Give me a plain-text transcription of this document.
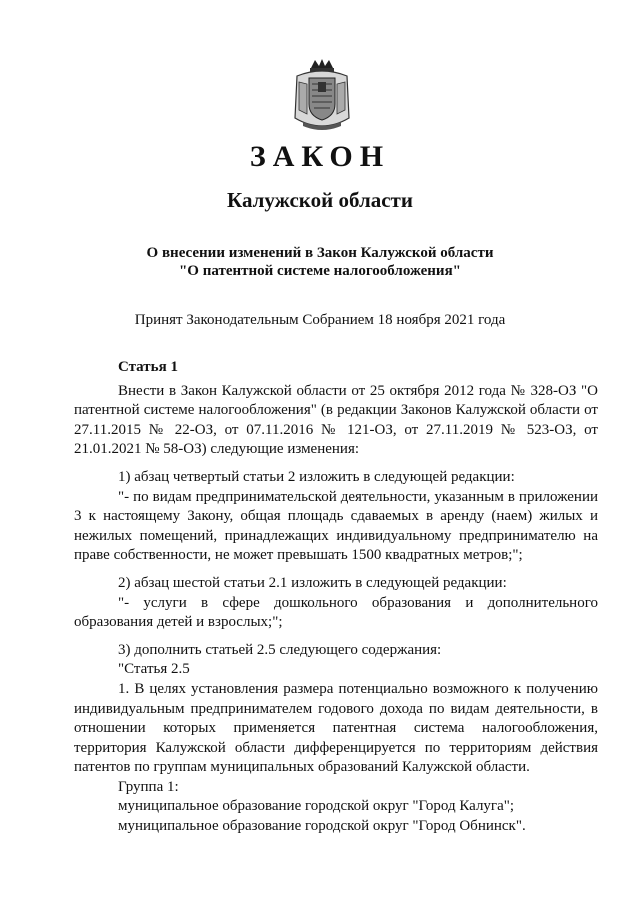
ЗАКОН
Калужской области
О внесении изменений в Закон Калужской области
"О патентной системе налогообложения"
Принят Законодательным Собранием 18 ноября 2021 года

Статья 1

Внести в Закон Калужской области от 25 октября 2012 года № 328-ОЗ "О патентной системе налогообложения" (в редакции Законов Калужской области от 27.11.2015 № 22-ОЗ, от 07.11.2016 № 121-ОЗ, от 27.11.2019 № 523-ОЗ, от 21.01.2021 № 58-ОЗ) следующие изменения:

1) абзац четвертый статьи 2 изложить в следующей редакции:

"- по видам предпринимательской деятельности, указанным в приложении 3 к настоящему Закону, общая площадь сдаваемых в аренду (наем) жилых и нежилых помещений, принадлежащих индивидуальному предпринимателю на праве собственности, не может превышать 1500 квадратных метров;";

2) абзац шестой статьи 2.1 изложить в следующей редакции:

"- услуги в сфере дошкольного образования и дополнительного образования детей и взрослых;";

3) дополнить статьей 2.5 следующего содержания:

"Статья 2.5

1. В целях установления размера потенциально возможного к получению индивидуальным предпринимателем годового дохода по видам деятельности, в отношении которых применяется патентная система налогообложения, территория Калужской области дифференцируется по территориям действия патентов по группам муниципальных образований Калужской области.

Группа 1:

муниципальное образование городской округ "Город Калуга";

муниципальное образование городской округ "Город Обнинск".
